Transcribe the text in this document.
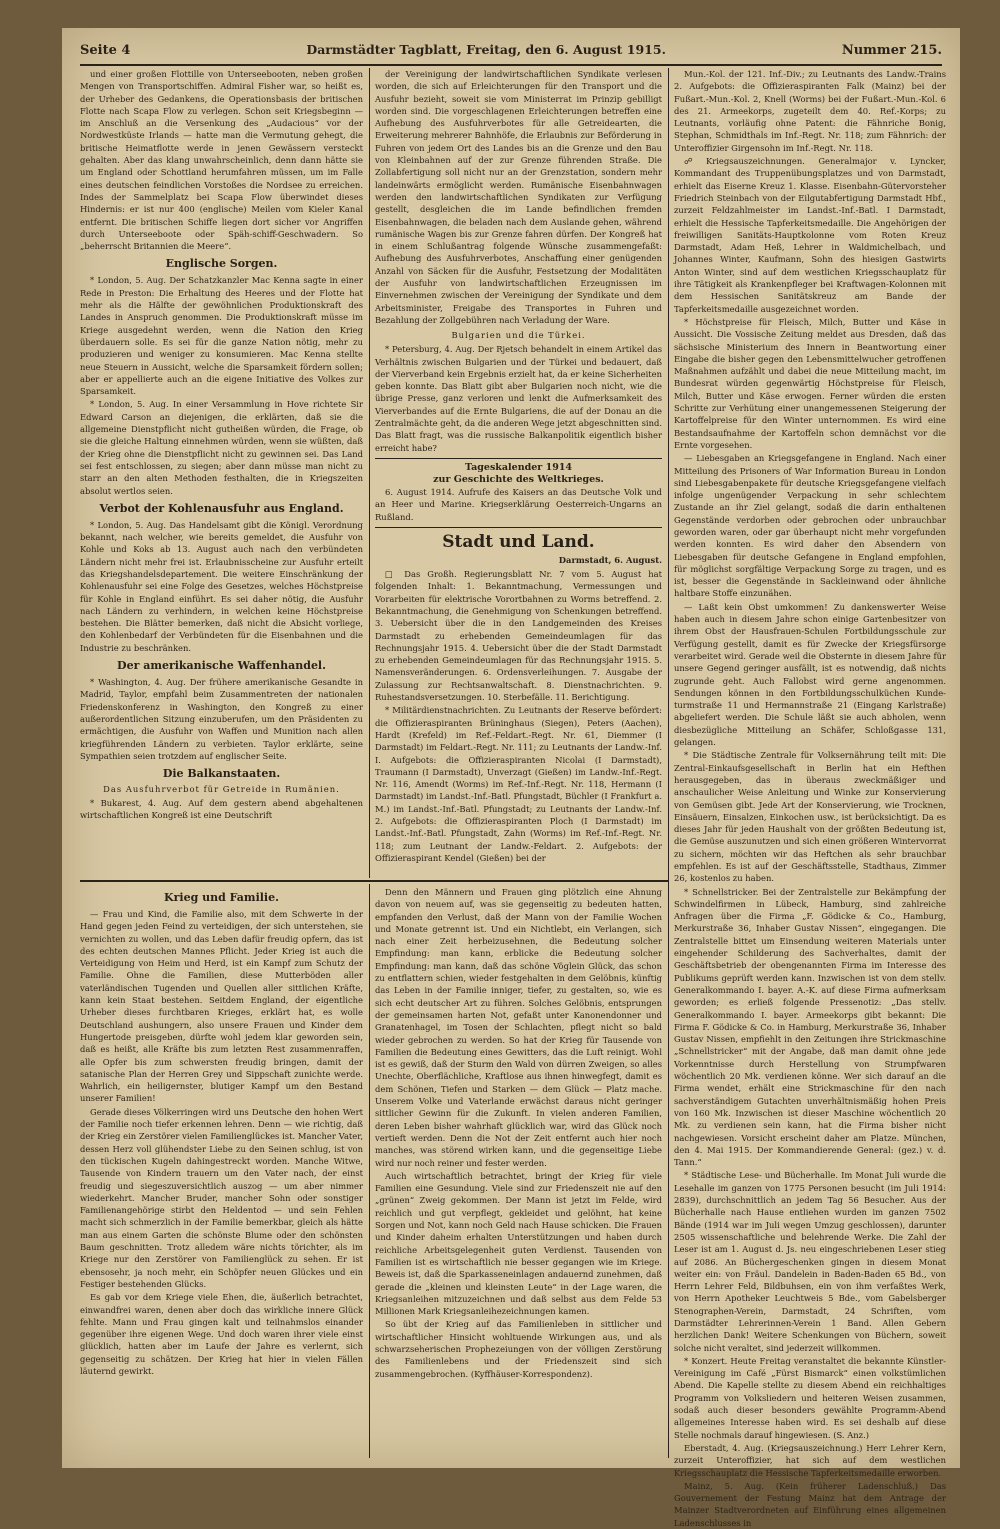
Seite 4	Darmstädter Tagblatt, Freitag, den 6. August 1915.	Nummer 215.

und einer großen Flottille von Unterseebooten, neben großen Mengen von Transportschiffen. Admiral Fisher war, so heißt es, der Urheber des Gedankens, die Operationsbasis der britischen Flotte nach Scapa Flow zu verlegen. Schon seit Kriegsbeginn — im Anschluß an die Versenkung des „Audacious“ vor der Nordwestküste Irlands — hatte man die Vermutung gehegt, die britische Heimatflotte werde in jenen Gewässern versteckt gehalten. Aber das klang unwahrscheinlich, denn dann hätte sie um England oder Schottland herumfahren müssen, um im Falle eines deutschen feindlichen Vorstoßes die Nordsee zu erreichen. Indes der Sammelplatz bei Scapa Flow überwindet dieses Hindernis: er ist nur 400 (englische) Meilen vom Kieler Kanal entfernt. Die britischen Schiffe liegen dort sicher vor Angriffen durch Unterseeboote oder Späh-schiff-Geschwadern. So „beherrscht Britannien die Meere“.

Englische Sorgen.

* London, 5. Aug. Der Schatzkanzler Mac Kenna sagte in einer Rede in Preston: Die Erhaltung des Heeres und der Flotte hat mehr als die Hälfte der gewöhnlichen Produktionskraft des Landes in Anspruch genommen. Die Produktionskraft müsse im Kriege ausgedehnt werden, wenn die Nation den Krieg überdauern solle. Es sei für die ganze Nation nötig, mehr zu produzieren und weniger zu konsumieren. Mac Kenna stellte neue Steuern in Aussicht, welche die Sparsamkeit fördern sollen; aber er appellierte auch an die eigene Initiative des Volkes zur Sparsamkeit.

* London, 5. Aug. In einer Versammlung in Hove richtete Sir Edward Carson an diejenigen, die erklärten, daß sie die allgemeine Dienstpflicht nicht gutheißen würden, die Frage, ob sie die gleiche Haltung einnehmen würden, wenn sie wüßten, daß der Krieg ohne die Dienstpflicht nicht zu gewinnen sei. Das Land sei fest entschlossen, zu siegen; aber dann müsse man nicht zu starr an den alten Methoden festhalten, die in Kriegszeiten absolut wertlos seien.

Verbot der Kohlenausfuhr aus England.

* London, 5. Aug. Das Handelsamt gibt die Königl. Verordnung bekannt, nach welcher, wie bereits gemeldet, die Ausfuhr von Kohle und Koks ab 13. August auch nach den verbündeten Ländern nicht mehr frei ist. Erlaubnisscheine zur Ausfuhr erteilt das Kriegshandelsdepartement. Die weitere Einschränkung der Kohlenausfuhr sei eine Folge des Gesetzes, welches Höchstpreise für Kohle in England einführt. Es sei daher nötig, die Ausfuhr nach Ländern zu verhindern, in welchen keine Höchstpreise bestehen. Die Blätter bemerken, daß nicht die Absicht vorliege, den Kohlenbedarf der Verbündeten für die Eisenbahnen und die Industrie zu beschränken.

Der amerikanische Waffenhandel.

* Washington, 4. Aug. Der frühere amerikanische Gesandte in Madrid, Taylor, empfahl beim Zusammentreten der nationalen Friedenskonferenz in Washington, den Kongreß zu einer außerordentlichen Sitzung einzuberufen, um den Präsidenten zu ermächtigen, die Ausfuhr von Waffen und Munition nach allen kriegführenden Ländern zu verbieten. Taylor erklärte, seine Sympathien seien trotzdem auf englischer Seite.

Die Balkanstaaten.
Das Ausfuhrverbot für Getreide in Rumänien.

* Bukarest, 4. Aug. Auf dem gestern abend abgehaltenen wirtschaftlichen Kongreß ist eine Deutschrift

der Vereinigung der landwirtschaftlichen Syndikate verlesen worden, die sich auf Erleichterungen für den Transport und die Ausfuhr bezieht, soweit sie vom Ministerrat im Prinzip gebilligt worden sind. Die vorgeschlagenen Erleichterungen betreffen eine Aufhebung des Ausfuhrverbotes für alle Getreidearten, die Erweiterung mehrerer Bahnhöfe, die Erlaubnis zur Beförderung in Fuhren von jedem Ort des Landes bis an die Grenze und den Bau von Kleinbahnen auf der zur Grenze führenden Straße. Die Zollabfertigung soll nicht nur an der Grenzstation, sondern mehr landeinwärts ermöglicht werden. Rumänische Eisenbahnwagen werden den landwirtschaftlichen Syndikaten zur Verfügung gestellt, desgleichen die im Lande befindlichen fremden Eisenbahnwagen, die beladen nach dem Auslande gehen, während rumänische Wagen bis zur Grenze fahren dürfen. Der Kongreß hat in einem Schlußantrag folgende Wünsche zusammengefaßt: Aufhebung des Ausfuhrverbotes, Anschaffung einer genügenden Anzahl von Säcken für die Ausfuhr, Festsetzung der Modalitäten der Ausfuhr von landwirtschaftlichen Erzeugnissen im Einvernehmen zwischen der Vereinigung der Syndikate und dem Arbeitsminister, Freigabe des Transportes in Fuhren und Bezahlung der Zollgebühren nach Verladung der Ware.

Bulgarien und die Türkei.

* Petersburg, 4. Aug. Der Rjetsch behandelt in einem Artikel das Verhältnis zwischen Bulgarien und der Türkei und bedauert, daß der Vierverband kein Ergebnis erzielt hat, da er keine Sicherheiten geben konnte. Das Blatt gibt aber Bulgarien noch nicht, wie die übrige Presse, ganz verloren und lenkt die Aufmerksamkeit des Vierverbandes auf die Ernte Bulgariens, die auf der Donau an die Zentralmächte geht, da die anderen Wege jetzt abgeschnitten sind. Das Blatt fragt, was die russische Balkanpolitik eigentlich bisher erreicht habe?

Tageskalender 1914
zur Geschichte des Weltkrieges.

6. August 1914. Aufrufe des Kaisers an das Deutsche Volk und an Heer und Marine. Kriegserklärung Oesterreich-Ungarns an Rußland.

Stadt und Land.
Darmstadt, 6. August.

□ Das Großh. Regierungsblatt Nr. 7 vom 5. August hat folgenden Inhalt: 1. Bekanntmachung, Vermessungen und Vorarbeiten für elektrische Vorortbahnen zu Worms betreffend. 2. Bekanntmachung, die Genehmigung von Schenkungen betreffend. 3. Uebersicht über die in den Landgemeinden des Kreises Darmstadt zu erhebenden Gemeindeumlagen für das Rechnungsjahr 1915. 4. Uebersicht über die der Stadt Darmstadt zu erhebenden Gemeindeumlagen für das Rechnungsjahr 1915. 5. Namensveränderungen. 6. Ordensverleihungen. 7. Ausgabe der Zulassung zur Rechtsanwaltschaft. 8. Dienstnachrichten. 9. Ruhestandsversetzungen. 10. Sterbefälle. 11. Berichtigung.

* Militärdienstnachrichten. Zu Leutnants der Reserve befördert: die Offizieraspiranten Brüninghaus (Siegen), Peters (Aachen), Hardt (Krefeld) im Ref.-Feldart.-Regt. Nr. 61, Diemmer (I Darmstadt) im Feldart.-Regt. Nr. 111; zu Leutnants der Landw.-Inf. I. Aufgebots: die Offizieraspiranten Nicolai (I Darmstadt), Traumann (I Darmstadt), Unverzagt (Gießen) im Landw.-Inf.-Regt. Nr. 116, Amendt (Worms) im Ref.-Inf.-Regt. Nr. 118, Hermann (I Darmstadt) im Landst.-Inf.-Batl. Pfungstadt, Büchler (I Frankfurt a. M.) im Landst.-Inf.-Batl. Pfungstadt; zu Leutnants der Landw.-Inf. 2. Aufgebots: die Offizieraspiranten Ploch (I Darmstadt) im Landst.-Inf.-Batl. Pfungstadt, Zahn (Worms) im Ref.-Inf.-Regt. Nr. 118; zum Leutnant der Landw.-Feldart. 2. Aufgebots: der Offizieraspirant Kendel (Gießen) bei der

Mun.-Kol. der 121. Inf.-Div.; zu Leutnants des Landw.-Trains 2. Aufgebots: die Offizieraspiranten Falk (Mainz) bei der Fußart.-Mun.-Kol. 2, Knell (Worms) bei der Fußart.-Mun.-Kol. 6 des 21. Armeekorps, zugeteilt dem 40. Ref.-Korps; zu Leutnants, vorläufig ohne Patent: die Fähnriche Bonig, Stephan, Schmidthals im Inf.-Regt. Nr. 118; zum Fähnrich: der Unteroffizier Girgensohn im Inf.-Regt. Nr. 118.

☍ Kriegsauszeichnungen. Generalmajor v. Lyncker, Kommandant des Truppenübungsplatzes und von Darmstadt, erhielt das Eiserne Kreuz 1. Klasse. Eisenbahn-Gütervorsteher Friedrich Steinbach von der Eilgutabfertigung Darmstadt Hbf., zurzeit Feldzahlmeister im Landst.-Inf.-Batl. I Darmstadt, erhielt die Hessische Tapferkeitsmedaille. Die Angehörigen der freiwilligen Sanitäts-Hauptkolonne vom Roten Kreuz Darmstadt, Adam Heß, Lehrer in Waldmichelbach, und Johannes Winter, Kaufmann, Sohn des hiesigen Gastwirts Anton Winter, sind auf dem westlichen Kriegsschauplatz für ihre Tätigkeit als Krankenpfleger bei Kraftwagen-Kolonnen mit dem Hessischen Sanitätskreuz am Bande der Tapferkeitsmedaille ausgezeichnet worden.

* Höchstpreise für Fleisch, Milch, Butter und Käse in Aussicht. Die Vossische Zeitung meldet aus Dresden, daß das sächsische Ministerium des Innern in Beantwortung einer Eingabe die bisher gegen den Lebensmittelwucher getroffenen Maßnahmen aufzählt und dabei die neue Mitteilung macht, im Bundesrat würden gegenwärtig Höchstpreise für Fleisch, Milch, Butter und Käse erwogen. Ferner würden die ersten Schritte zur Verhütung einer unangemessenen Steigerung der Kartoffelpreise für den Winter unternommen. Es wird eine Bestandsaufnahme der Kartoffeln schon demnächst vor die Ernte vorgesehen.

— Liebesgaben an Kriegsgefangene in England. Nach einer Mitteilung des Prisoners of War Information Bureau in London sind Liebesgabenpakete für deutsche Kriegsgefangene vielfach infolge ungenügender Verpackung in sehr schlechtem Zustande an ihr Ziel gelangt, sodaß die darin enthaltenen Gegenstände verdorben oder gebrochen oder unbrauchbar geworden waren, oder gar überhaupt nicht mehr vorgefunden werden konnten. Es wird daher den Absendern von Liebesgaben für deutsche Gefangene in England empfohlen, für möglichst sorgfältige Verpackung Sorge zu tragen, und es ist, besser die Gegenstände in Sackleinwand oder ähnliche haltbare Stoffe einzunähen.

— Laßt kein Obst umkommen! Zu dankenswerter Weise haben auch in diesem Jahre schon einige Gartenbesitzer von ihrem Obst der Hausfrauen-Schulen Fortbildungsschule zur Verfügung gestellt, damit es für Zwecke der Kriegsfürsorge verarbeitet wird. Gerade weil die Obsternte in diesem Jahre für unsere Gegend geringer ausfällt, ist es notwendig, daß nichts zugrunde geht. Auch Fallobst wird gerne angenommen. Sendungen können in den Fortbildungsschulküchen Kunde-turmstraße 11 und Hermannstraße 21 (Eingang Karlstraße) abgeliefert werden. Die Schule läßt sie auch abholen, wenn diesbezügliche Mitteilung an Schäfer, Schloßgasse 131, gelangen.

* Die Städtische Zentrale für Volksernährung teilt mit: Die Zentral-Einkaufsgesellschaft in Berlin hat ein Hefthen herausgegeben, das in überaus zweckmäßiger und anschaulicher Weise Anleitung und Winke zur Konservierung von Gemüsen gibt. Jede Art der Konservierung, wie Trocknen, Einsäuern, Einsalzen, Einkochen usw., ist berücksichtigt. Da es dieses Jahr für jeden Haushalt von der größten Bedeutung ist, die Gemüse auszunutzen und sich einen größeren Wintervorrat zu sichern, möchten wir das Heftchen als sehr brauchbar empfehlen. Es ist auf der Geschäftsstelle, Stadthaus, Zimmer 26, kostenlos zu haben.

* Schnellstricker. Bei der Zentralstelle zur Bekämpfung der Schwindelfirmen in Lübeck, Hamburg, sind zahlreiche Anfragen über die Firma „F. Gödicke & Co., Hamburg, Merkurstraße 36, Inhaber Gustav Nissen“, eingegangen. Die Zentralstelle bittet um Einsendung weiteren Materials unter eingehender Schilderung des Sachverhaltes, damit der Geschäftsbetrieb der obengenannten Firma im Interesse des Publikums geprüft werden kann. Inzwischen ist von dem stellv. Generalkommando I. bayer. A.-K. auf diese Firma aufmerksam geworden; es erließ folgende Pressenotiz: „Das stellv. Generalkommando I. bayer. Armeekorps gibt bekannt: Die Firma F. Gödicke & Co. in Hamburg, Merkurstraße 36, Inhaber Gustav Nissen, empfiehlt in den Zeitungen ihre Strickmaschine „Schnellstricker“ mit der Angabe, daß man damit ohne jede Vorkenntnisse durch Herstellung von Strumpfwaren wöchentlich 20 Mk. verdienen könne. Wer sich darauf an die Firma wendet, erhält eine Strickmaschine für den nach sachverständigem Gutachten unverhältnismäßig hohen Preis von 160 Mk. Inzwischen ist dieser Maschine wöchentlich 20 Mk. zu verdienen sein kann, hat die Firma bisher nicht nachgewiesen. Vorsicht erscheint daher am Platze. München, den 4. Mai 1915. Der Kommandierende General: (gez.) v. d. Tann.“

* Städtische Lese- und Bücherhalle. Im Monat Juli wurde die Lesehalle im ganzen von 1775 Personen besucht (im Juli 1914: 2839), durchschnittlich an jedem Tag 56 Besucher. Aus der Bücherhalle nach Hause entliehen wurden im ganzen 7502 Bände (1914 war im Juli wegen Umzug geschlossen), darunter 2505 wissenschaftliche und belehrende Werke. Die Zahl der Leser ist am 1. August d. Js. neu eingeschriebenen Leser stieg auf 2086. An Büchergeschenken gingen in diesem Monat weiter ein: von Fräul. Dandelein in Baden-Baden 65 Bd., von Herrn Lehrer Feld, Bildbuhsen, ein von ihm verfaßtes Werk, von Herrn Apotheker Leuchtweis 5 Bde., vom Gabelsberger Stenographen-Verein, Darmstadt, 24 Schriften, vom Darmstädter Lehrerinnen-Verein 1 Band. Allen Gebern herzlichen Dank! Weitere Schenkungen von Büchern, soweit solche nicht veraltet, sind jederzeit willkommen.

* Konzert. Heute Freitag veranstaltet die bekannte Künstler-Vereinigung im Café „Fürst Bismarck“ einen volkstümlichen Abend. Die Kapelle stellte zu diesem Abend ein reichhaltiges Programm von Volksliedern und heiteren Weisen zusammen, sodaß auch dieser besonders gewählte Programm-Abend allgemeines Interesse haben wird. Es sei deshalb auf diese Stelle nochmals darauf hingewiesen. (S. Anz.)

Eberstadt, 4. Aug. (Kriegsauszeichnung.) Herr Lehrer Kern, zurzeit Unteroffizier, hat sich auf dem westlichen Kriegsschauplatz die Hessische Tapferkeitsmedaille erworben.

Mainz, 5. Aug. (Kein früherer Ladenschluß.) Das Gouvernement der Festung Mainz hat dem Antrage der Mainzer Stadtverordneten auf Einführung eines allgemeinen Ladenschlusses in

Krieg und Familie.

— Frau und Kind, die Familie also, mit dem Schwerte in der Hand gegen jeden Feind zu verteidigen, der sich unterstehen, sie vernichten zu wollen, und das Leben dafür freudig opfern, das ist des echten deutschen Mannes Pflicht. Jeder Krieg ist auch die Verteidigung von Heim und Herd, ist ein Kampf zum Schutz der Familie. Ohne die Familien, diese Mutterböden aller vaterländischen Tugenden und Quellen aller sittlichen Kräfte, kann kein Staat bestehen. Seitdem England, der eigentliche Urheber dieses furchtbaren Krieges, erklärt hat, es wolle Deutschland aushungern, also unsere Frauen und Kinder dem Hungertode preisgeben, dürfte wohl jedem klar geworden sein, daß es heißt, alle Kräfte bis zum letzten Rest zusammenraffen, alle Opfer bis zum schwersten freudig bringen, damit der satanische Plan der Herren Grey und Sippschaft zunichte werde. Wahrlich, ein heiligernster, blutiger Kampf um den Bestand unserer Familien!

Gerade dieses Völkerringen wird uns Deutsche den hohen Wert der Familie noch tiefer erkennen lehren. Denn — wie richtig, daß der Krieg ein Zerstörer vielen Familienglückes ist. Mancher Vater, dessen Herz voll glühendster Liebe zu den Seinen schlug, ist von den tückischen Kugeln dahingestreckt worden. Manche Witwe, Tausende von Kindern trauern um den Vater nach, der einst freudig und siegeszuversichtlich auszog — um aber nimmer wiederkehrt. Mancher Bruder, mancher Sohn oder sonstiger Familienangehörige stirbt den Heldentod — und sein Fehlen macht sich schmerzlich in der Familie bemerkbar, gleich als hätte man aus einem Garten die schönste Blume oder den schönsten Baum geschnitten. Trotz alledem wäre nichts törichter, als im Kriege nur den Zerstörer von Familienglück zu sehen. Er ist ebensosehr, ja noch mehr, ein Schöpfer neuen Glückes und ein Festiger bestehenden Glücks.

Es gab vor dem Kriege viele Ehen, die, äußerlich betrachtet, einwandfrei waren, denen aber doch das wirkliche innere Glück fehlte. Mann und Frau gingen kalt und teilnahmslos einander gegenüber ihre eigenen Wege. Und doch waren ihrer viele einst glücklich, hatten aber im Laufe der Jahre es verlernt, sich gegenseitig zu schätzen. Der Krieg hat hier in vielen Fällen läuternd gewirkt.

Denn den Männern und Frauen ging plötzlich eine Ahnung davon von neuem auf, was sie gegenseitig zu bedeuten hatten, empfanden den Verlust, daß der Mann von der Familie Wochen und Monate getrennt ist. Und ein Nichtlebt, ein Verlangen, sich nach einer Zeit herbeizusehnen, die Bedeutung solcher Empfindung: man kann, erblicke die Bedeutung solcher Empfindung: man kann, daß das schöne Vöglein Glück, das schon zu entflattern schien, wieder festgehalten in dem Gelöbnis, künftig das Leben in der Familie inniger, tiefer, zu gestalten, so, wie es sich echt deutscher Art zu führen. Solches Gelöbnis, entsprungen der gemeinsamen harten Not, gefaßt unter Kanonendonner und Granatenhagel, im Tosen der Schlachten, pflegt nicht so bald wieder gebrochen zu werden. So hat der Krieg für Tausende von Familien die Bedeutung eines Gewitters, das die Luft reinigt. Wohl ist es gewiß, daß der Sturm den Wald von dürren Zweigen, so alles Unechte, Oberflächliche, Kraftlose aus ihnen hinwegfegt, damit es dem Schönen, Tiefen und Starken — dem Glück — Platz mache. Unserem Volke und Vaterlande erwächst daraus nicht geringer sittlicher Gewinn für die Zukunft. In vielen anderen Familien, deren Leben bisher wahrhaft glücklich war, wird das Glück noch vertieft werden. Denn die Not der Zeit entfernt auch hier noch manches, was störend wirken kann, und die gegenseitige Liebe wird nur noch reiner und fester werden.

Auch wirtschaftlich betrachtet, bringt der Krieg für viele Familien eine Gesundung. Viele sind zur Friedenszeit nie auf den „grünen“ Zweig gekommen. Der Mann ist jetzt im Felde, wird reichlich und gut verpflegt, gekleidet und gelöhnt, hat keine Sorgen und Not, kann noch Geld nach Hause schicken. Die Frauen und Kinder daheim erhalten Unterstützungen und haben durch reichliche Arbeitsgelegenheit guten Verdienst. Tausenden von Familien ist es wirtschaftlich nie besser gegangen wie im Kriege. Beweis ist, daß die Sparkasseneinlagen andauernd zunehmen, daß gerade die „kleinen und kleinsten Leute“ in der Lage waren, die Kriegsanleihen mitzuzeichnen und daß selbst aus dem Felde 53 Millionen Mark Kriegsanleihezeichnungen kamen.

So übt der Krieg auf das Familienleben in sittlicher und wirtschaftlicher Hinsicht wohltuende Wirkungen aus, und als schwarzseherischen Prophezeiungen von der völligen Zerstörung des Familienlebens und der Friedenszeit sind sich zusammengebrochen. (Kyffhäuser-Korrespondenz).
